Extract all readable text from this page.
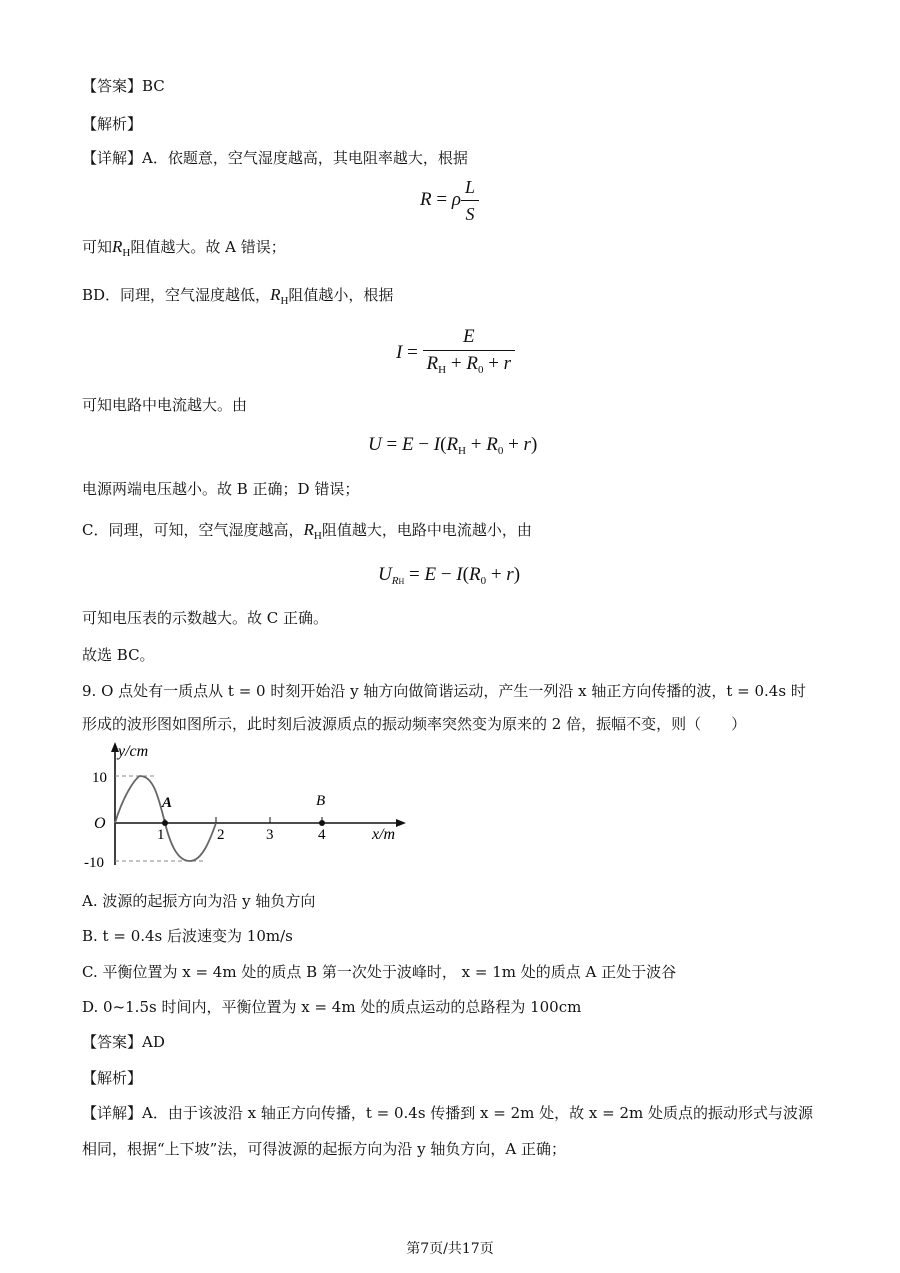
【答案】BC
【解析】
【详解】A．依题意，空气湿度越高，其电阻率越大，根据
R = ρ $\frac{L}{S}$
可知$R_H$阻值越大。故 A 错误；
BD．同理，空气湿度越低，$R_H$阻值越小，根据
$I = \frac{E}{R_H + R_0 + r}$
可知电路中电流越大。由
$U = E - I(R_H + R_0 + r)$
电源两端电压越小。故 B 正确；D 错误；
C．同理，可知，空气湿度越高，$R_H$阻值越大，电路中电流越小，由
$U_{RH} = E - I(R_0 + r)$
可知电压表的示数越大。故 C 正确。
故选 BC。
9. O 点处有一质点从 t = 0 时刻开始沿 y 轴方向做简谐运动，产生一列沿 x 轴正方向传播的波，t = 0.4s 时
形成的波形图如图所示，此时刻后波源质点的振动频率突然变为原来的 2 倍，振幅不变，则（　　）
y/cm
10
O
-10
A	B
1	2	3	4	x/m
A. 波源的起振方向为沿 y 轴负方向
B. t = 0.4s 后波速变为 10m/s
C. 平衡位置为 x = 4m 处的质点 B 第一次处于波峰时， x = 1m 处的质点 A 正处于波谷
D. 0~1.5s 时间内，平衡位置为 x = 4m 处的质点运动的总路程为 100cm
【答案】AD
【解析】
【详解】A．由于该波沿 x 轴正方向传播，t = 0.4s 传播到 x = 2m 处，故 x = 2m 处质点的振动形式与波源
相同，根据“上下坡”法，可得波源的起振方向为沿 y 轴负方向，A 正确；
第7页/共17页
